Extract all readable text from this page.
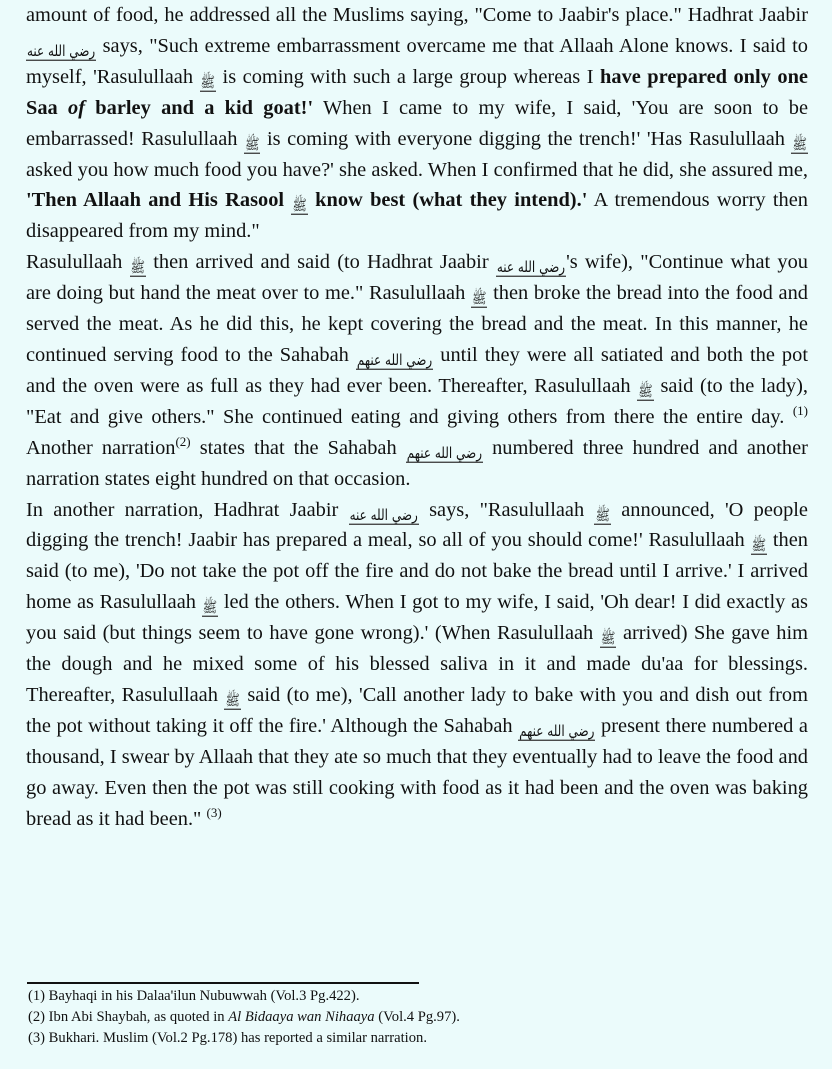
amount of food, he addressed all the Muslims saying, "Come to Jaabir's place." Hadhrat Jaabir رضي الله عنه says, "Such extreme embarrassment overcame me that Allaah Alone knows. I said to myself, 'Rasulullaah ﷺ is coming with such a large group whereas I have prepared only one Saa of barley and a kid goat!' When I came to my wife, I said, 'You are soon to be embarrassed! Rasulullaah ﷺ is coming with everyone digging the trench!' 'Has Rasulullaah ﷺ asked you how much food you have?' she asked. When I confirmed that he did, she assured me, 'Then Allaah and His Rasool ﷺ know best (what they intend).' A tremendous worry then disappeared from my mind."

Rasulullaah ﷺ then arrived and said (to Hadhrat Jaabir رضي الله عنه's wife), "Continue what you are doing but hand the meat over to me." Rasulullaah ﷺ then broke the bread into the food and served the meat. As he did this, he kept covering the bread and the meat. In this manner, he continued serving food to the Sahabah رضي الله عنهم until they were all satiated and both the pot and the oven were as full as they had ever been. Thereafter, Rasulullaah ﷺ said (to the lady), "Eat and give others." She continued eating and giving others from there the entire day. $^{(1)}$ Another narration$^{(2)}$ states that the Sahabah رضي الله عنهم numbered three hundred and another narration states eight hundred on that occasion.

In another narration, Hadhrat Jaabir رضي الله عنه says, "Rasulullaah ﷺ announced, 'O people digging the trench! Jaabir has prepared a meal, so all of you should come!' Rasulullaah ﷺ then said (to me), 'Do not take the pot off the fire and do not bake the bread until I arrive.' I arrived home as Rasulullaah ﷺ led the others. When I got to my wife, I said, 'Oh dear! I did exactly as you said (but things seem to have gone wrong).' (When Rasulullaah ﷺ arrived) She gave him the dough and he mixed some of his blessed saliva in it and made du'aa for blessings. Thereafter, Rasulullaah ﷺ said (to me), 'Call another lady to bake with you and dish out from the pot without taking it off the fire.' Although the Sahabah رضي الله عنهم present there numbered a thousand, I swear by Allaah that they ate so much that they eventually had to leave the food and go away. Even then the pot was still cooking with food as it had been and the oven was baking bread as it had been." $^{(3)}$

(1) Bayhaqi in his Dalaa'ilun Nubuwwah (Vol.3 Pg.422).

(2) Ibn Abi Shaybah, as quoted in Al Bidaaya wan Nihaaya (Vol.4 Pg.97).

(3) Bukhari. Muslim (Vol.2 Pg.178) has reported a similar narration.
